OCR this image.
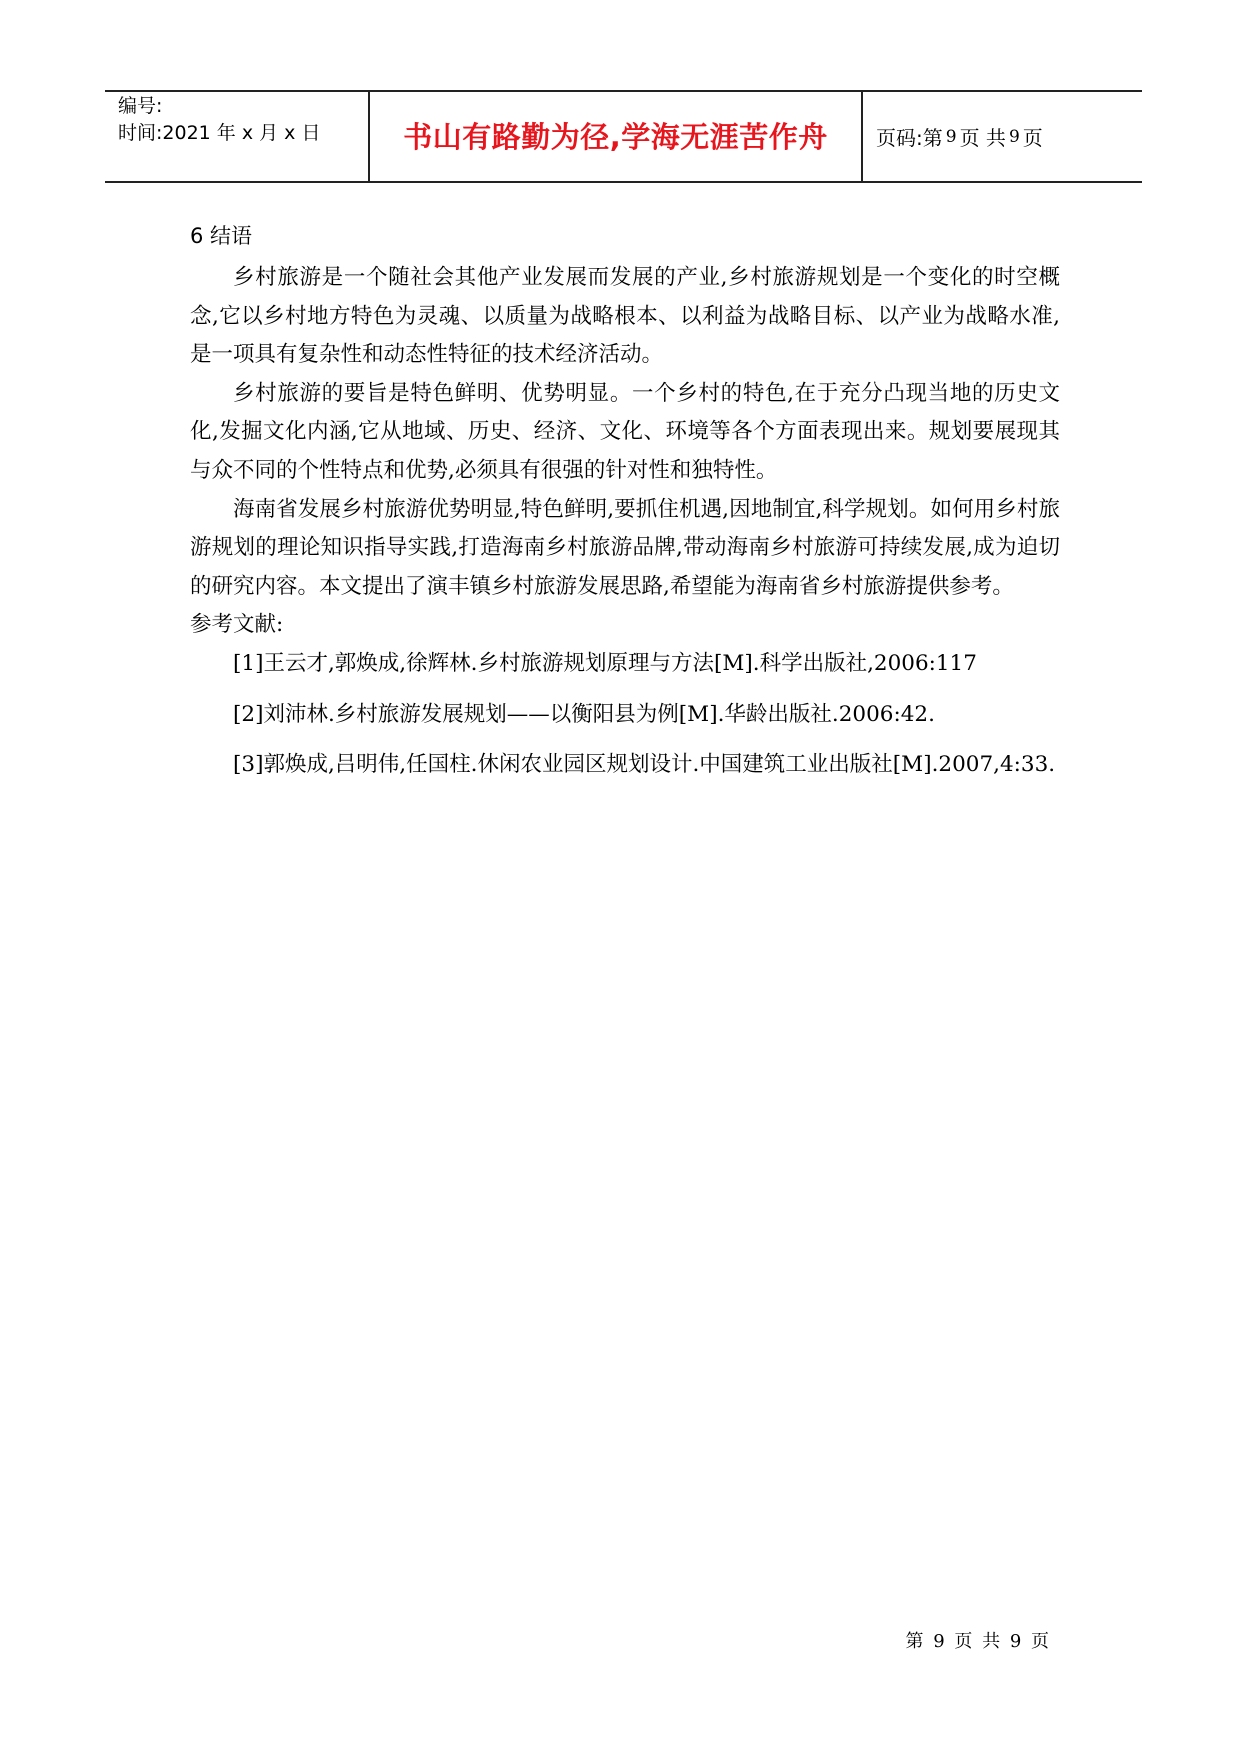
编号:
时间:2021 年 x 月 x 日	书山有路勤为径,学海无涯苦作舟 页码:第 9 页 共 9 页
6 结语

乡村旅游是一个随社会其他产业发展而发展的产业,乡村旅游规划是一个变化的时空概念,它以乡村地方特色为灵魂、以质量为战略根本、以利益为战略目标、以产业为战略水准,是一项具有复杂性和动态性特征的技术经济活动。

乡村旅游的要旨是特色鲜明、优势明显。一个乡村的特色,在于充分凸现当地的历史文化,发掘文化内涵,它从地域、历史、经济、文化、环境等各个方面表现出来。规划要展现其与众不同的个性特点和优势,必须具有很强的针对性和独特性。

海南省发展乡村旅游优势明显,特色鲜明,要抓住机遇,因地制宜,科学规划。如何用乡村旅游规划的理论知识指导实践,打造海南乡村旅游品牌,带动海南乡村旅游可持续发展,成为迫切的研究内容。本文提出了演丰镇乡村旅游发展思路,希望能为海南省乡村旅游提供参考。

参考文献:

[1]王云才,郭焕成,徐辉林.乡村旅游规划原理与方法[M].科学出版社,2006:117

[2]刘沛林.乡村旅游发展规划——以衡阳县为例[M].华龄出版社.2006:42.

[3]郭焕成,吕明伟,任国柱.休闲农业园区规划设计.中国建筑工业出版社[M].2007,4:33.

第 9 页 共 9 页
